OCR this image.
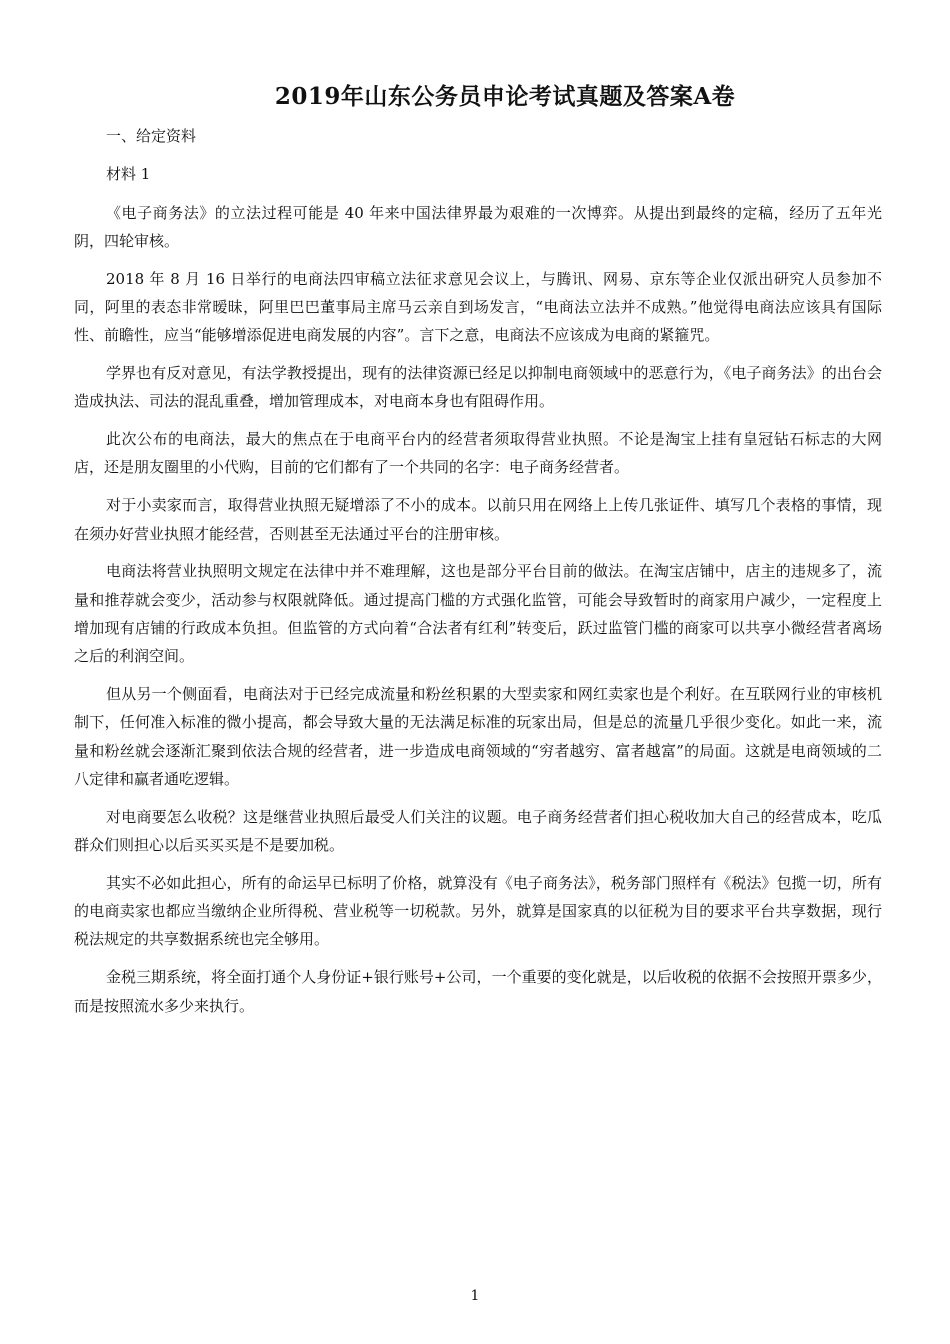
2019年山东公务员申论考试真题及答案A卷

一、给定资料

材料 1

《电子商务法》的立法过程可能是 40 年来中国法律界最为艰难的一次博弈。从提出到最终的定稿，经历了五年光阴，四轮审核。

2018 年 8 月 16 日举行的电商法四审稿立法征求意见会议上，与腾讯、网易、京东等企业仅派出研究人员参加不同，阿里的表态非常暧昧，阿里巴巴董事局主席马云亲自到场发言，“电商法立法并不成熟。”他觉得电商法应该具有国际性、前瞻性，应当“能够增添促进电商发展的内容”。言下之意，电商法不应该成为电商的紧箍咒。

学界也有反对意见，有法学教授提出，现有的法律资源已经足以抑制电商领域中的恶意行为，《电子商务法》的出台会造成执法、司法的混乱重叠，增加管理成本，对电商本身也有阻碍作用。

此次公布的电商法，最大的焦点在于电商平台内的经营者须取得营业执照。不论是淘宝上挂有皇冠钻石标志的大网店，还是朋友圈里的小代购，目前的它们都有了一个共同的名字：电子商务经营者。

对于小卖家而言，取得营业执照无疑增添了不小的成本。以前只用在网络上上传几张证件、填写几个表格的事情，现在须办好营业执照才能经营，否则甚至无法通过平台的注册审核。

电商法将营业执照明文规定在法律中并不难理解，这也是部分平台目前的做法。在淘宝店铺中，店主的违规多了，流量和推荐就会变少，活动参与权限就降低。通过提高门槛的方式强化监管，可能会导致暂时的商家用户减少，一定程度上增加现有店铺的行政成本负担。但监管的方式向着“合法者有红利”转变后，跃过监管门槛的商家可以共享小微经营者离场之后的利润空间。

但从另一个侧面看，电商法对于已经完成流量和粉丝积累的大型卖家和网红卖家也是个利好。在互联网行业的审核机制下，任何准入标准的微小提高，都会导致大量的无法满足标准的玩家出局，但是总的流量几乎很少变化。如此一来，流量和粉丝就会逐渐汇聚到依法合规的经营者，进一步造成电商领域的“穷者越穷、富者越富”的局面。这就是电商领域的二八定律和赢者通吃逻辑。

对电商要怎么收税？这是继营业执照后最受人们关注的议题。电子商务经营者们担心税收加大自己的经营成本，吃瓜群众们则担心以后买买买是不是要加税。

其实不必如此担心，所有的命运早已标明了价格，就算没有《电子商务法》，税务部门照样有《税法》包揽一切，所有的电商卖家也都应当缴纳企业所得税、营业税等一切税款。另外，就算是国家真的以征税为目的要求平台共享数据，现行税法规定的共享数据系统也完全够用。

金税三期系统，将全面打通个人身份证+银行账号+公司，一个重要的变化就是，以后收税的依据不会按照开票多少，而是按照流水多少来执行。

1
